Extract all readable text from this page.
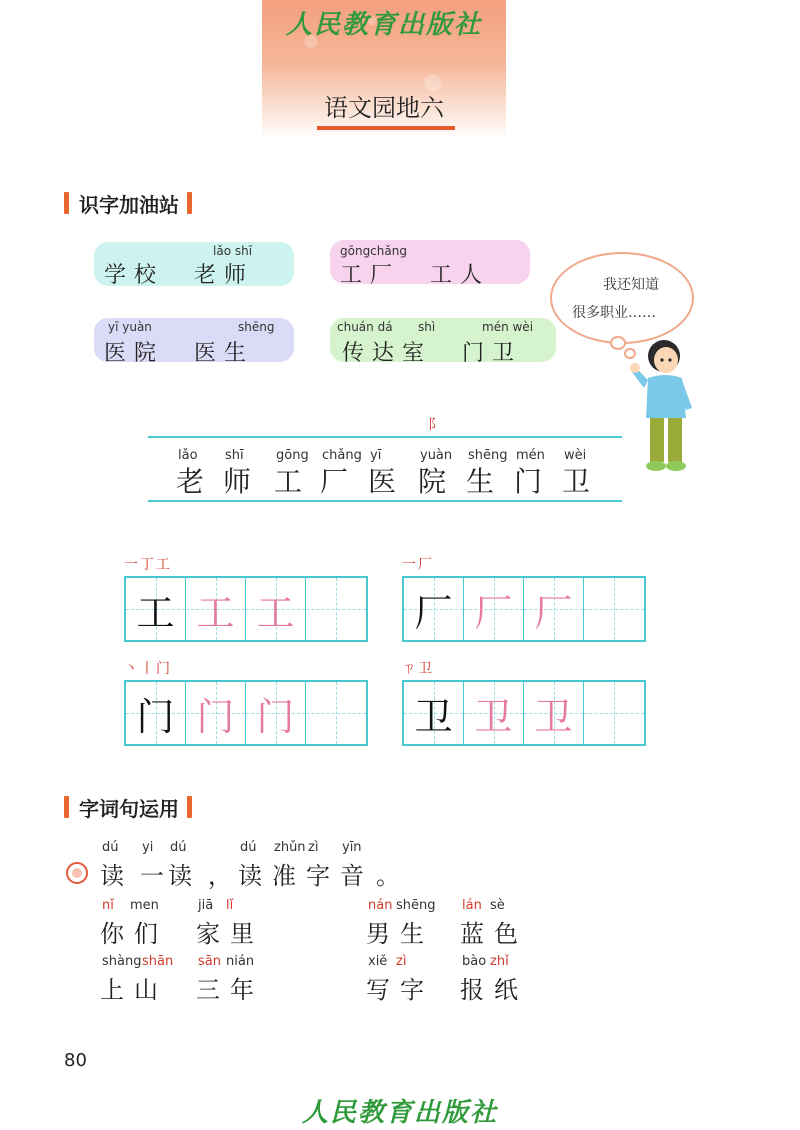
人民教育出版社
语文园地六
识字加油站
lǎo shī
学校　老师
gōngchǎng
工厂　工人
yī yuàn	shēng
医院　医生
chuán dá shì	mén wèi
传达室　门卫
我还知道
很多职业……
阝
lǎo
老
shī
师
gōng
工
chǎng
厂
yī
医
yuàn
院
shēng
生
mén
门
wèi
卫
一丁工
工 工 工
一厂
厂 厂 厂
丶丨门
门 门 门
ㄗ卫
卫 卫 卫
字词句运用
dú
读
yi
一
dú
读 ，
dú
读
zhǔn
准
zì
字
yīn
音 。
nǐ men
你们
jiā lǐ
家里
nán shēng
男生
lán sè
蓝色
shàng shān
上山
sān nián
三年
xiě zì
写字
bào zhǐ
报纸
80
人民教育出版社
